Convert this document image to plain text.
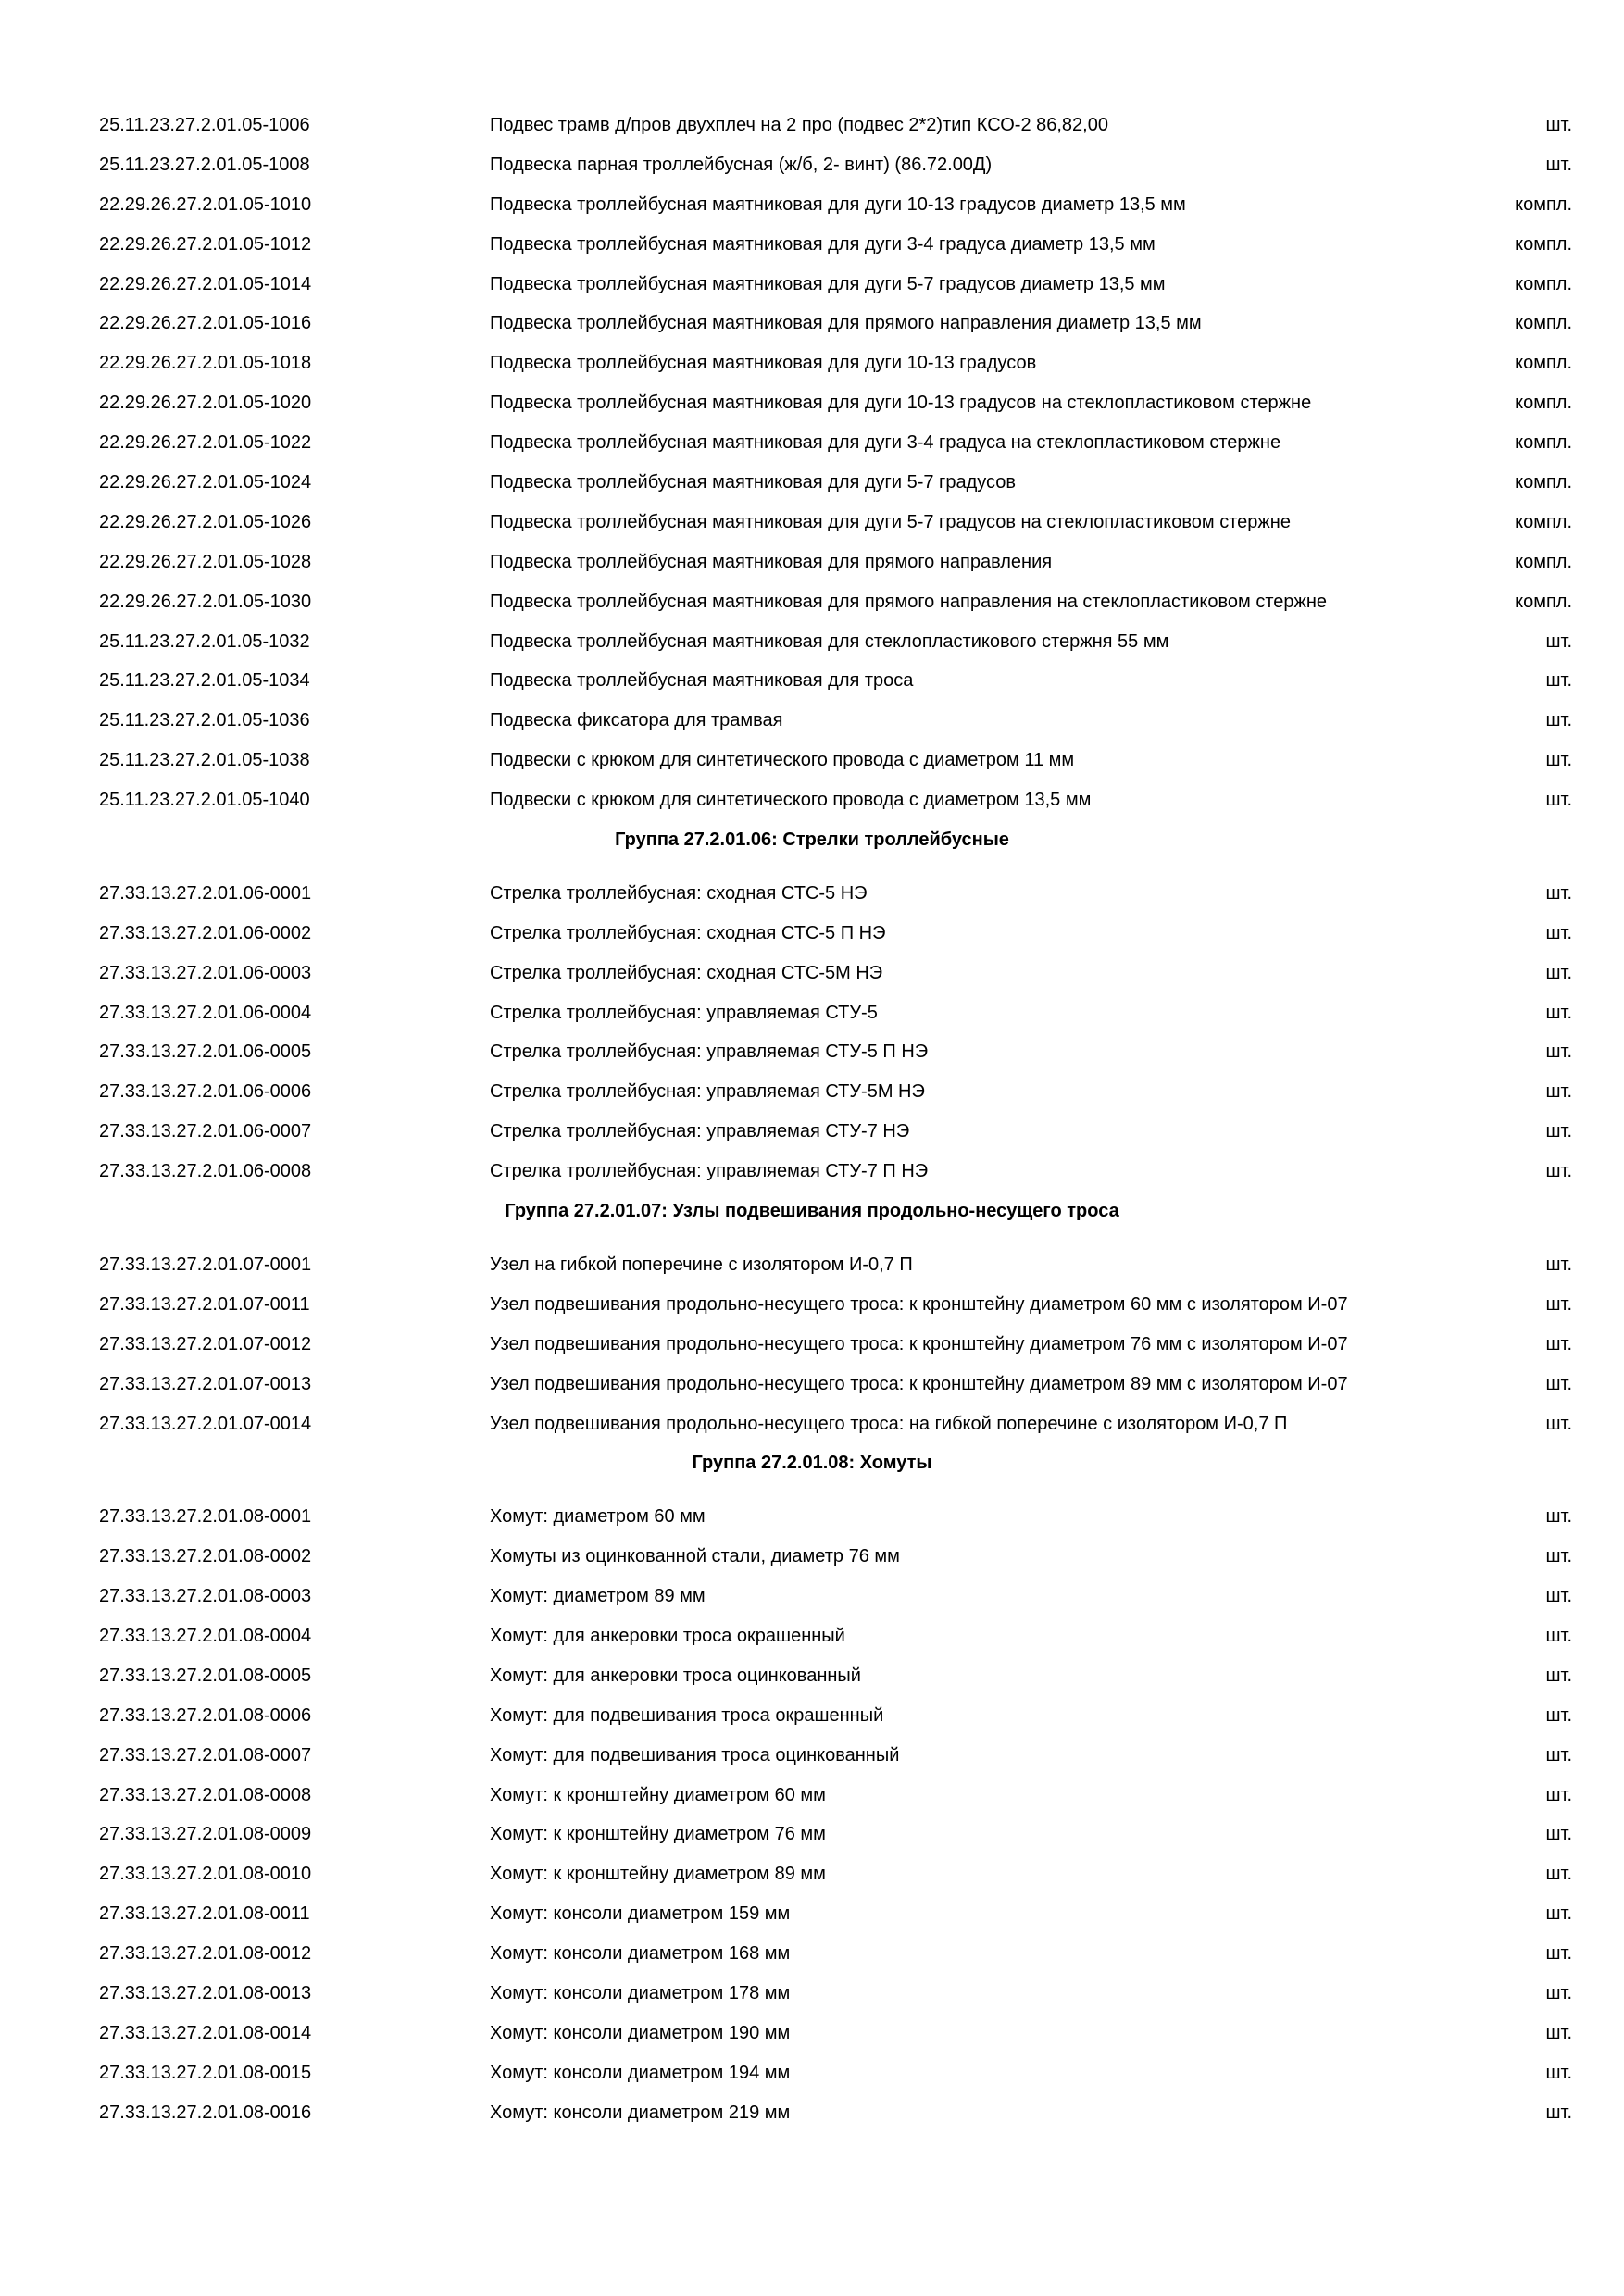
25.11.23.27.2.01.05-1006	Подвес трамв д/пров двухплеч на 2 про (подвес 2*2)тип КСО-2 86,82,00	шт.
25.11.23.27.2.01.05-1008	Подвеска парная троллейбусная (ж/б, 2- винт) (86.72.00Д)	шт.
22.29.26.27.2.01.05-1010	Подвеска троллейбусная маятниковая для дуги 10-13 градусов диаметр 13,5 мм	компл.
22.29.26.27.2.01.05-1012	Подвеска троллейбусная маятниковая для дуги 3-4 градуса диаметр 13,5 мм	компл.
22.29.26.27.2.01.05-1014	Подвеска троллейбусная маятниковая для дуги 5-7 градусов диаметр 13,5 мм	компл.
22.29.26.27.2.01.05-1016	Подвеска троллейбусная маятниковая для прямого направления диаметр 13,5 мм	компл.
22.29.26.27.2.01.05-1018	Подвеска троллейбусная маятниковая для дуги 10-13 градусов	компл.
22.29.26.27.2.01.05-1020	Подвеска троллейбусная маятниковая для дуги 10-13 градусов на стеклопластиковом стержне	компл.
22.29.26.27.2.01.05-1022	Подвеска троллейбусная маятниковая для дуги 3-4 градуса на стеклопластиковом стержне	компл.
22.29.26.27.2.01.05-1024	Подвеска троллейбусная маятниковая для дуги 5-7 градусов	компл.
22.29.26.27.2.01.05-1026	Подвеска троллейбусная маятниковая для дуги 5-7 градусов на стеклопластиковом стержне	компл.
22.29.26.27.2.01.05-1028	Подвеска троллейбусная маятниковая для прямого направления	компл.
22.29.26.27.2.01.05-1030	Подвеска троллейбусная маятниковая для прямого направления на стеклопластиковом стержне	компл.
25.11.23.27.2.01.05-1032	Подвеска троллейбусная маятниковая для стеклопластикового стержня 55 мм	шт.
25.11.23.27.2.01.05-1034	Подвеска троллейбусная маятниковая для троса	шт.
25.11.23.27.2.01.05-1036	Подвеска фиксатора для трамвая	шт.
25.11.23.27.2.01.05-1038	Подвески с крюком для синтетического провода с диаметром 11 мм	шт.
25.11.23.27.2.01.05-1040	Подвески с крюком для синтетического провода с диаметром 13,5 мм	шт.
Группа 27.2.01.06: Стрелки троллейбусные
27.33.13.27.2.01.06-0001	Стрелка троллейбусная: сходная СТС-5 НЭ	шт.
27.33.13.27.2.01.06-0002	Стрелка троллейбусная: сходная СТС-5 П НЭ	шт.
27.33.13.27.2.01.06-0003	Стрелка троллейбусная: сходная СТС-5М НЭ	шт.
27.33.13.27.2.01.06-0004	Стрелка троллейбусная: управляемая СТУ-5	шт.
27.33.13.27.2.01.06-0005	Стрелка троллейбусная: управляемая СТУ-5 П НЭ	шт.
27.33.13.27.2.01.06-0006	Стрелка троллейбусная: управляемая СТУ-5М НЭ	шт.
27.33.13.27.2.01.06-0007	Стрелка троллейбусная: управляемая СТУ-7 НЭ	шт.
27.33.13.27.2.01.06-0008	Стрелка троллейбусная: управляемая СТУ-7 П НЭ	шт.
Группа 27.2.01.07: Узлы подвешивания продольно-несущего троса
27.33.13.27.2.01.07-0001	Узел на гибкой поперечине с изолятором И-0,7 П	шт.
27.33.13.27.2.01.07-0011	Узел подвешивания продольно-несущего троса: к кронштейну диаметром 60 мм с изолятором И-07	шт.
27.33.13.27.2.01.07-0012	Узел подвешивания продольно-несущего троса: к кронштейну диаметром 76 мм с изолятором И-07	шт.
27.33.13.27.2.01.07-0013	Узел подвешивания продольно-несущего троса: к кронштейну диаметром 89 мм с изолятором И-07	шт.
27.33.13.27.2.01.07-0014	Узел подвешивания продольно-несущего троса: на гибкой поперечине с изолятором И-0,7 П	шт.
Группа 27.2.01.08: Хомуты
27.33.13.27.2.01.08-0001	Хомут: диаметром 60 мм	шт.
27.33.13.27.2.01.08-0002	Хомуты из оцинкованной стали, диаметр 76 мм	шт.
27.33.13.27.2.01.08-0003	Хомут: диаметром 89 мм	шт.
27.33.13.27.2.01.08-0004	Хомут: для анкеровки троса окрашенный	шт.
27.33.13.27.2.01.08-0005	Хомут: для анкеровки троса оцинкованный	шт.
27.33.13.27.2.01.08-0006	Хомут: для подвешивания троса окрашенный	шт.
27.33.13.27.2.01.08-0007	Хомут: для подвешивания троса оцинкованный	шт.
27.33.13.27.2.01.08-0008	Хомут: к кронштейну диаметром 60 мм	шт.
27.33.13.27.2.01.08-0009	Хомут: к кронштейну диаметром 76 мм	шт.
27.33.13.27.2.01.08-0010	Хомут: к кронштейну диаметром 89 мм	шт.
27.33.13.27.2.01.08-0011	Хомут: консоли диаметром 159 мм	шт.
27.33.13.27.2.01.08-0012	Хомут: консоли диаметром 168 мм	шт.
27.33.13.27.2.01.08-0013	Хомут: консоли диаметром 178 мм	шт.
27.33.13.27.2.01.08-0014	Хомут: консоли диаметром 190 мм	шт.
27.33.13.27.2.01.08-0015	Хомут: консоли диаметром 194 мм	шт.
27.33.13.27.2.01.08-0016	Хомут: консоли диаметром 219 мм	шт.
